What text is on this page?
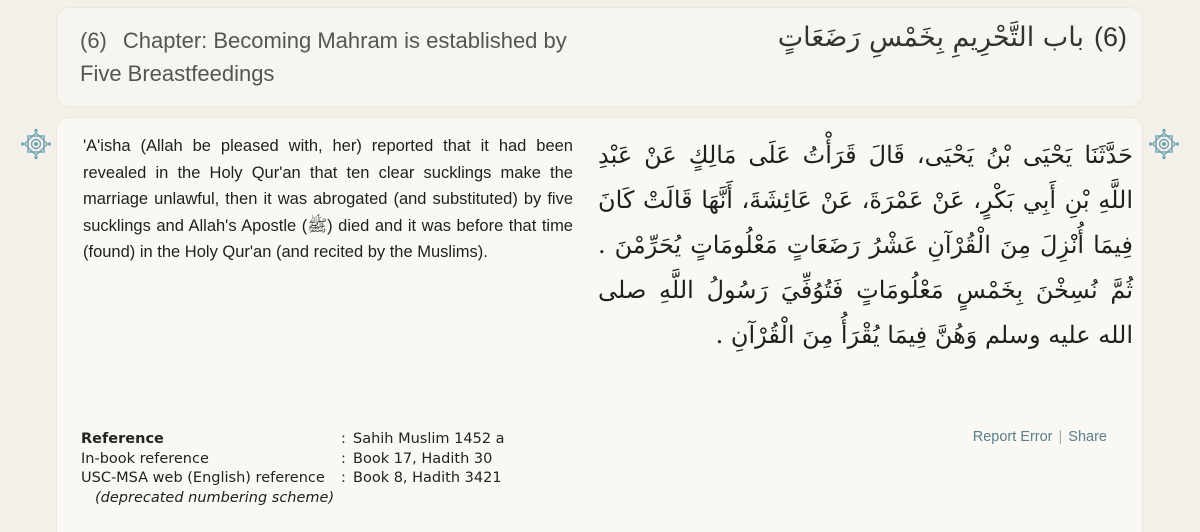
(6) Chapter: Becoming Mahram is established by Five Breastfeedings
(6)باب التَّحْرِيمِ بِخَمْسِ رَضَعَاتٍ
'A'isha (Allah be pleased with, her) reported that it had been revealed in the Holy Qur'an that ten clear sucklings make the marriage unlawful, then it was abrogated (and substituted) by five sucklings and Allah's Apostle (ﷺ) died and it was before that time (found) in the Holy Qur'an (and recited by the Muslims).
حَدَّثَنَا يَحْيَى بْنُ يَحْيَى، قَالَ قَرَأْتُ عَلَى مَالِكٍ عَنْ عَبْدِ اللَّهِ بْنِ أَبِي بَكْرٍ، عَنْ عَمْرَةَ، عَنْ عَائِشَةَ، أَنَّهَا قَالَتْ كَانَ فِيمَا أُنْزِلَ مِنَ الْقُرْآنِ عَشْرُ رَضَعَاتٍ مَعْلُومَاتٍ يُحَرِّمْنَ ‏.‏ ثُمَّ نُسِخْنَ بِخَمْسٍ مَعْلُومَاتٍ فَتُوُفِّيَ رَسُولُ اللَّهِ صلى الله عليه وسلم وَهُنَّ فِيمَا يُقْرَأُ مِنَ الْقُرْآنِ ‏.‏
Reference	:	Sahih Muslim 1452 a
In-book reference	:	Book 17, Hadith 30
USC-MSA web (English) reference	:	Book 8, Hadith 3421
(deprecated numbering scheme)		
Report Error | Share
